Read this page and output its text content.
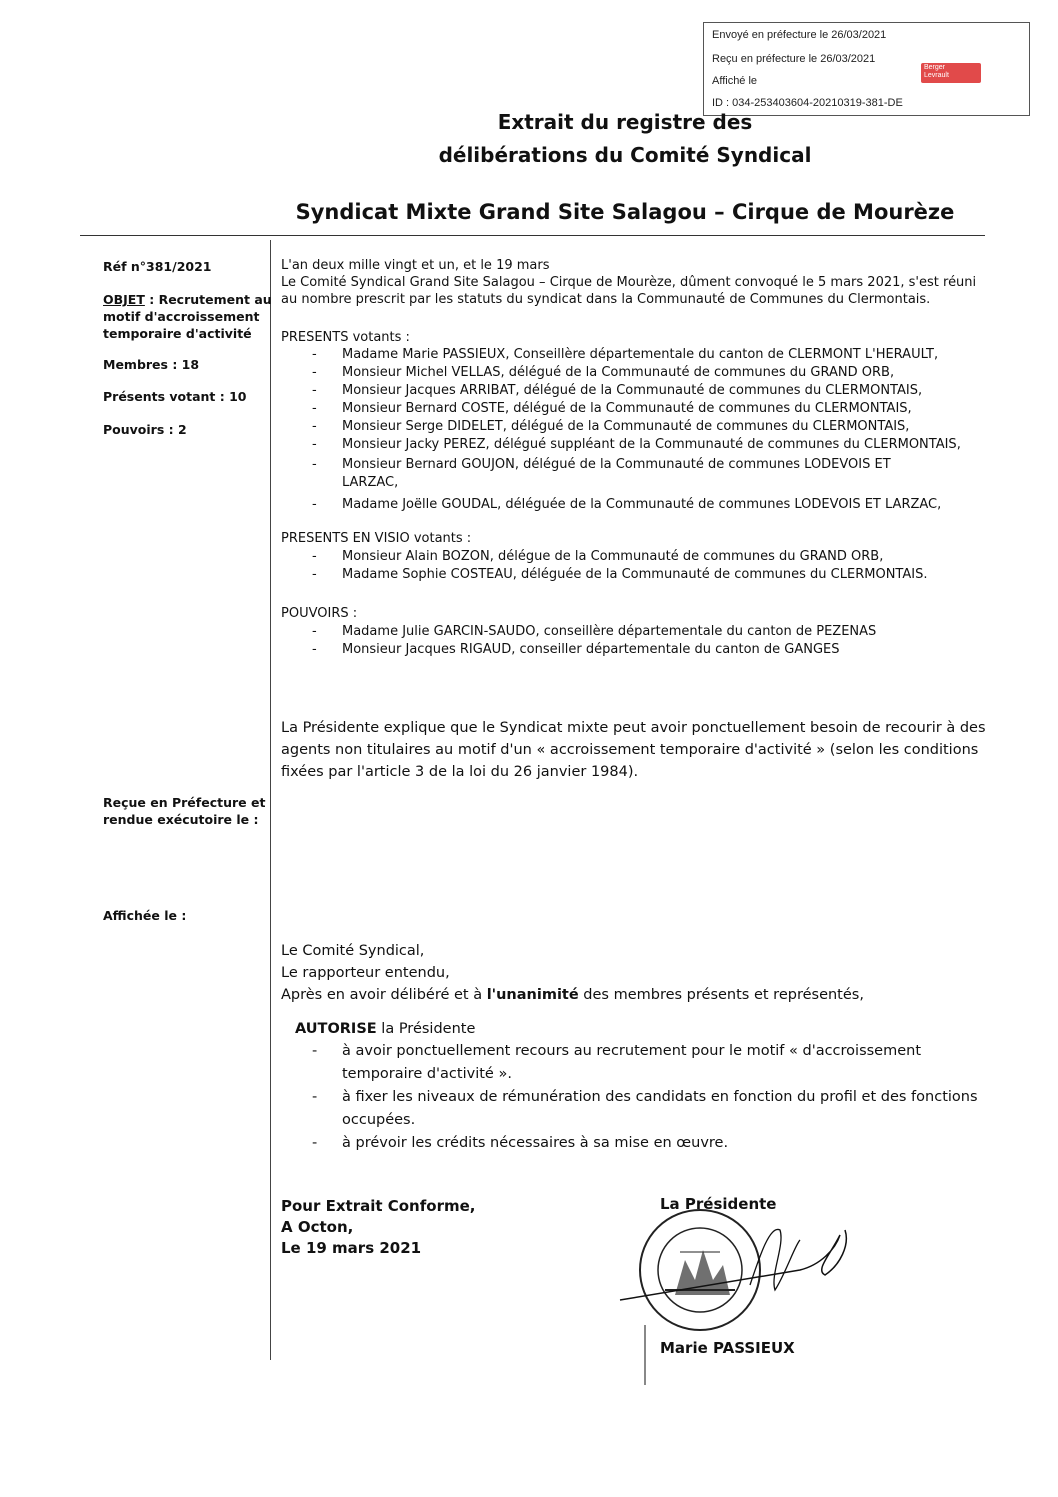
Envoyé en préfecture le 26/03/2021
Reçu en préfecture le 26/03/2021
Affiché le
ID : 034-253403604-20210319-381-DE
Berger
Levrault
Extrait du registre des
délibérations du Comité Syndical
Syndicat Mixte Grand Site Salagou – Cirque de Mourèze
Réf n°381/2021
OBJET : Recrutement au
motif d'accroissement
temporaire d'activité
Membres : 18
Présents votant : 10
Pouvoirs : 2
Reçue en Préfecture et
rendue exécutoire le :
Affichée le :
L'an deux mille vingt et un, et le 19 mars
Le Comité Syndical Grand Site Salagou – Cirque de Mourèze, dûment convoqué le 5 mars 2021, s'est réuni
au nombre prescrit par les statuts du syndicat dans la Communauté de Communes du Clermontais.
PRESENTS votants :
- Madame Marie PASSIEUX, Conseillère départementale du canton de CLERMONT L'HERAULT,
- Monsieur Michel VELLAS, délégué de la Communauté de communes du GRAND ORB,
- Monsieur Jacques ARRIBAT, délégué de la Communauté de communes du CLERMONTAIS,
- Monsieur Bernard COSTE, délégué de la Communauté de communes du CLERMONTAIS,
- Monsieur Serge DIDELET, délégué de la Communauté de communes du CLERMONTAIS,
- Monsieur Jacky PEREZ, délégué suppléant de la Communauté de communes du CLERMONTAIS,
- Monsieur Bernard GOUJON, délégué de la Communauté de communes LODEVOIS ET
LARZAC,
- Madame Joëlle GOUDAL, déléguée de la Communauté de communes LODEVOIS ET LARZAC,
PRESENTS EN VISIO votants :
- Monsieur Alain BOZON, délégue de la Communauté de communes du GRAND ORB,
- Madame Sophie COSTEAU, déléguée de la Communauté de communes du CLERMONTAIS.
POUVOIRS :
- Madame Julie GARCIN-SAUDO, conseillère départementale du canton de PEZENAS
- Monsieur Jacques RIGAUD, conseiller départementale du canton de GANGES
La Présidente explique que le Syndicat mixte peut avoir ponctuellement besoin de recourir à des
agents non titulaires au motif d'un « accroissement temporaire d'activité » (selon les conditions
fixées par l'article 3 de la loi du 26 janvier 1984).
Le Comité Syndical,
Le rapporteur entendu,
Après en avoir délibéré et à l'unanimité des membres présents et représentés,
AUTORISE la Présidente
- à avoir ponctuellement recours au recrutement pour le motif « d'accroissement
temporaire d'activité ».
- à fixer les niveaux de rémunération des candidats en fonction du profil et des fonctions
occupées.
- à prévoir les crédits nécessaires à sa mise en œuvre.
Pour Extrait Conforme,
A Octon,
Le 19 mars 2021
La Présidente
Marie PASSIEUX
